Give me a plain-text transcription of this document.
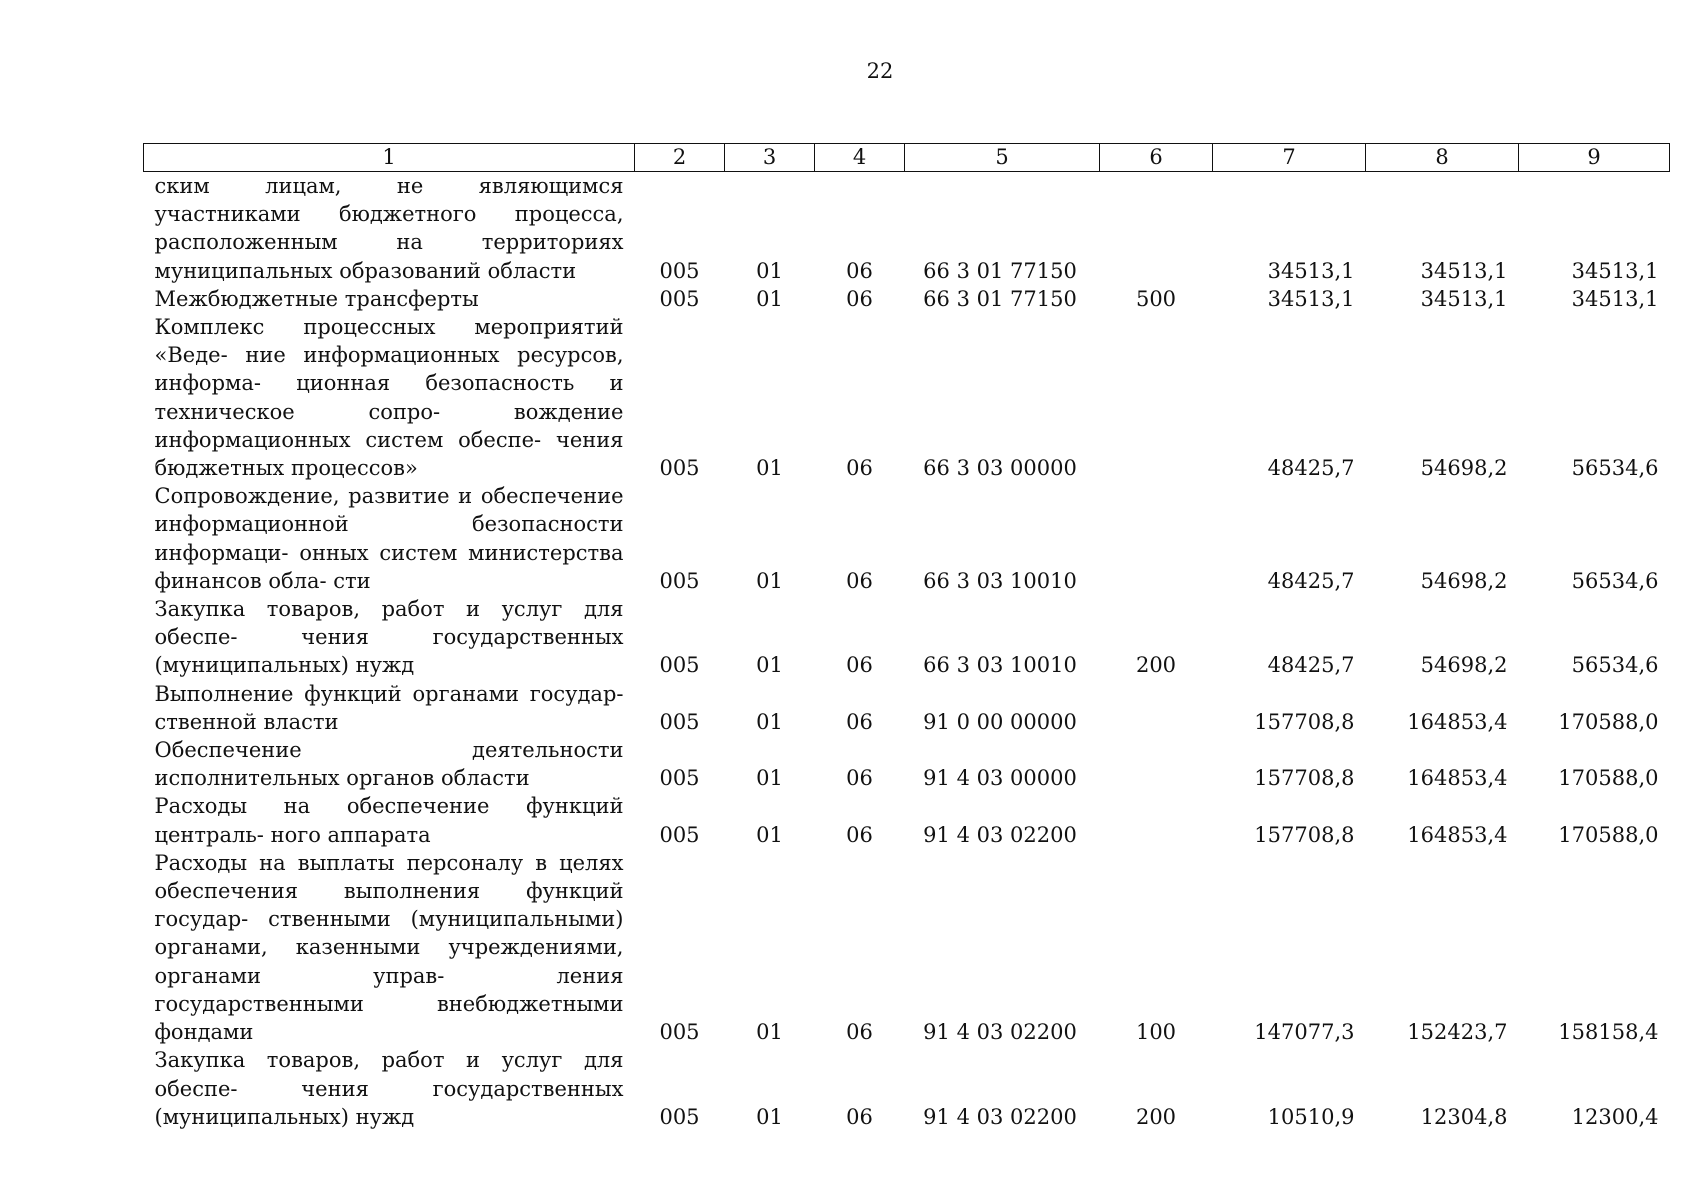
22
1	2	3	4	5	6	7	8	9
ским лицам, не являющимся участниками бюджетного процесса, расположенным на территориях муниципальных образований области	005	01	06	66 3 01 77150		34513,1	34513,1	34513,1
Межбюджетные трансферты	005	01	06	66 3 01 77150	500	34513,1	34513,1	34513,1
Комплекс процессных мероприятий «Веде- ние информационных ресурсов, информа- ционная безопасность и техническое сопро- вождение информационных систем обеспе- чения бюджетных процессов»	005	01	06	66 3 03 00000		48425,7	54698,2	56534,6
Сопровождение, развитие и обеспечение информационной безопасности информаци- онных систем министерства финансов обла- сти	005	01	06	66 3 03 10010		48425,7	54698,2	56534,6
Закупка товаров, работ и услуг для обеспе- чения государственных (муниципальных) нужд	005	01	06	66 3 03 10010	200	48425,7	54698,2	56534,6
Выполнение функций органами государ- ственной власти	005	01	06	91 0 00 00000		157708,8	164853,4	170588,0
Обеспечение деятельности исполнительных органов области	005	01	06	91 4 03 00000		157708,8	164853,4	170588,0
Расходы на обеспечение функций централь- ного аппарата	005	01	06	91 4 03 02200		157708,8	164853,4	170588,0
Расходы на выплаты персоналу в целях обеспечения выполнения функций государ- ственными (муниципальными) органами, казенными учреждениями, органами управ- ления государственными внебюджетными фондами	005	01	06	91 4 03 02200	100	147077,3	152423,7	158158,4
Закупка товаров, работ и услуг для обеспе- чения государственных (муниципальных) нужд	005	01	06	91 4 03 02200	200	10510,9	12304,8	12300,4
